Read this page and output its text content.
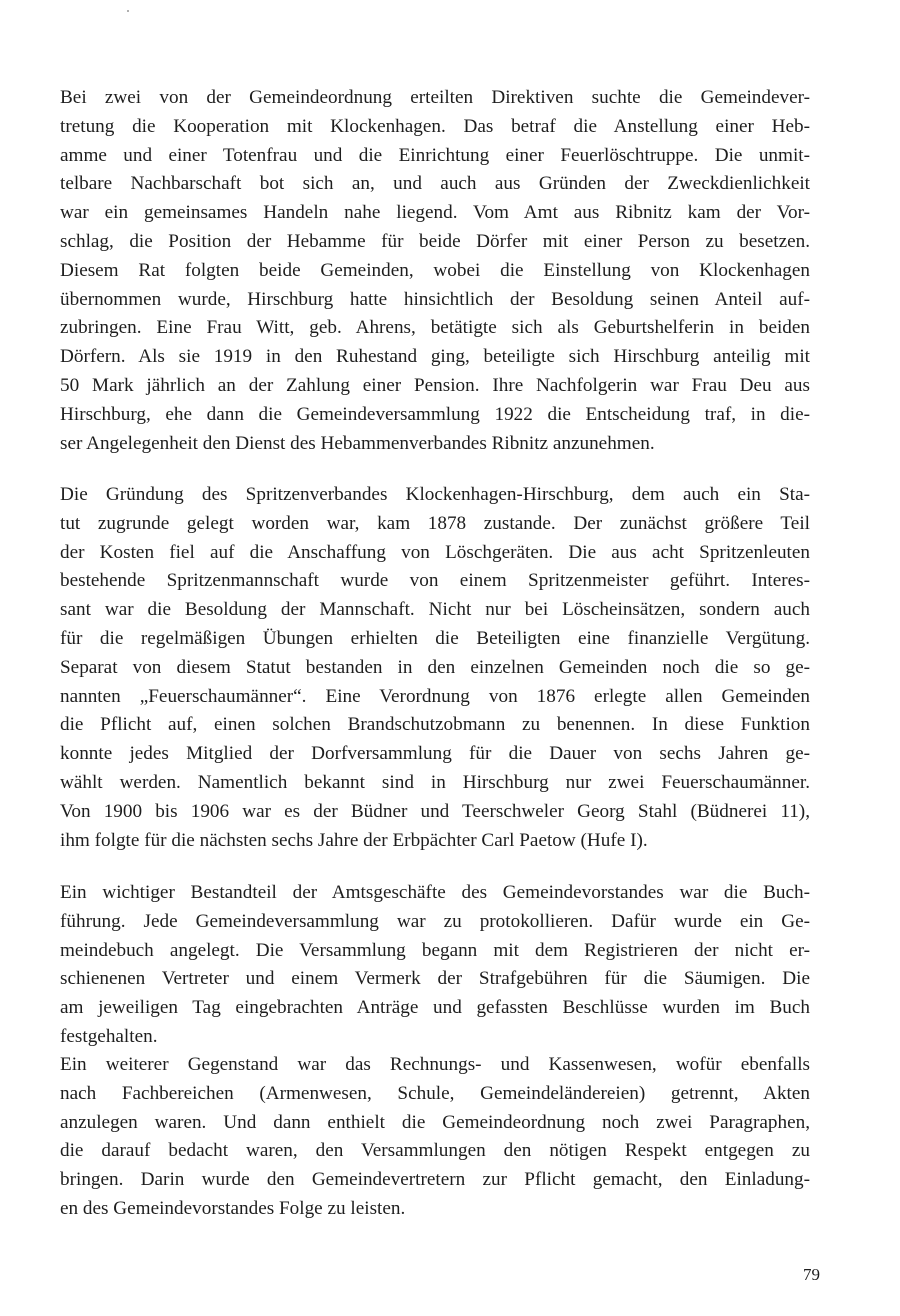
Bei zwei von der Gemeindeordnung erteilten Direktiven suchte die Gemeindever-
tretung die Kooperation mit Klockenhagen. Das betraf die Anstellung einer Heb-
amme und einer Totenfrau und die Einrichtung einer Feuerlöschtruppe. Die unmit-
telbare Nachbarschaft bot sich an, und auch aus Gründen der Zweckdienlichkeit
war ein gemeinsames Handeln nahe liegend. Vom Amt aus Ribnitz kam der Vor-
schlag, die Position der Hebamme für beide Dörfer mit einer Person zu besetzen.
Diesem Rat folgten beide Gemeinden, wobei die Einstellung von Klockenhagen
übernommen wurde, Hirschburg hatte hinsichtlich der Besoldung seinen Anteil auf-
zubringen. Eine Frau Witt, geb. Ahrens, betätigte sich als Geburtshelferin in beiden
Dörfern. Als sie 1919 in den Ruhestand ging, beteiligte sich Hirschburg anteilig mit
50 Mark jährlich an der Zahlung einer Pension. Ihre Nachfolgerin war Frau Deu aus
Hirschburg, ehe dann die Gemeindeversammlung 1922 die Entscheidung traf, in die-
ser Angelegenheit den Dienst des Hebammenverbandes Ribnitz anzunehmen.
Die Gründung des Spritzenverbandes Klockenhagen-Hirschburg, dem auch ein Sta-
tut zugrunde gelegt worden war, kam 1878 zustande. Der zunächst größere Teil
der Kosten fiel auf die Anschaffung von Löschgeräten. Die aus acht Spritzenleuten
bestehende Spritzenmannschaft wurde von einem Spritzenmeister geführt. Interes-
sant war die Besoldung der Mannschaft. Nicht nur bei Löscheinsätzen, sondern auch
für die regelmäßigen Übungen erhielten die Beteiligten eine finanzielle Vergütung.
Separat von diesem Statut bestanden in den einzelnen Gemeinden noch die so ge-
nannten „Feuerschaumänner“. Eine Verordnung von 1876 erlegte allen Gemeinden
die Pflicht auf, einen solchen Brandschutzobmann zu benennen. In diese Funktion
konnte jedes Mitglied der Dorfversammlung für die Dauer von sechs Jahren ge-
wählt werden. Namentlich bekannt sind in Hirschburg nur zwei Feuerschaumänner.
Von 1900 bis 1906 war es der Büdner und Teerschweler Georg Stahl (Büdnerei 11),
ihm folgte für die nächsten sechs Jahre der Erbpächter Carl Paetow (Hufe I).
Ein wichtiger Bestandteil der Amtsgeschäfte des Gemeindevorstandes war die Buch-
führung. Jede Gemeindeversammlung war zu protokollieren. Dafür wurde ein Ge-
meindebuch angelegt. Die Versammlung begann mit dem Registrieren der nicht er-
schienenen Vertreter und einem Vermerk der Strafgebühren für die Säumigen. Die
am jeweiligen Tag eingebrachten Anträge und gefassten Beschlüsse wurden im Buch
festgehalten.
Ein weiterer Gegenstand war das Rechnungs- und Kassenwesen, wofür ebenfalls
nach Fachbereichen (Armenwesen, Schule, Gemeindeländereien) getrennt, Akten
anzulegen waren. Und dann enthielt die Gemeindeordnung noch zwei Paragraphen,
die darauf bedacht waren, den Versammlungen den nötigen Respekt entgegen zu
bringen. Darin wurde den Gemeindevertretern zur Pflicht gemacht, den Einladung-
en des Gemeindevorstandes Folge zu leisten.
79
